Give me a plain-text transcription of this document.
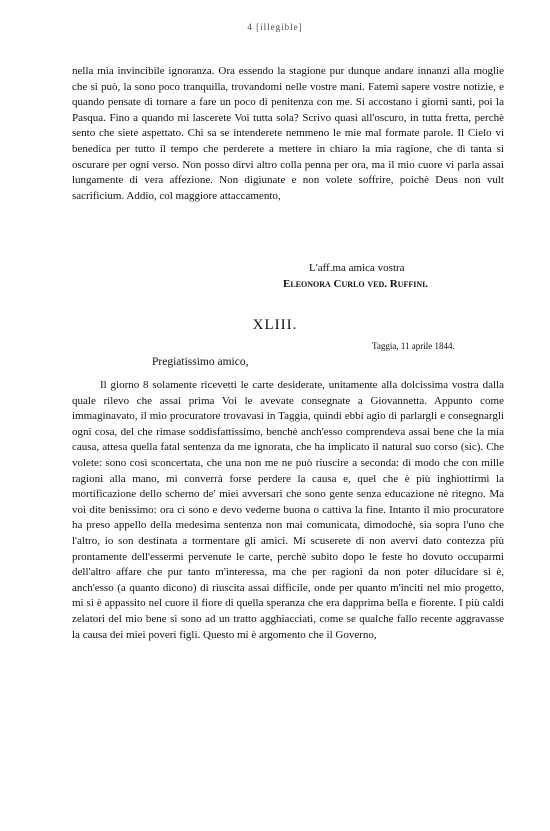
4 [illegible]

nella mia invincibile ignoranza. Ora essendo la stagione pur dunque andare innanzi alla moglie che si può, la sono poco tranquilla, trovandomi nelle vostre mani. Fatemi sapere vostre notizie, e quando pensate di tornare a fare un poco di penitenza con me. Si accostano i giorni santi, poi la Pasqua. Fino a quando mi lascerete Voi tutta sola? Scrivo quasi all'oscuro, in tutta fretta, perchè sento che siete aspettato. Chi sa se intenderete nemmeno le mie mal formate parole. Il Cielo vi benedica per tutto il tempo che perderete a mettere in chiaro la mia ragione, che di tanta sì oscurare per ogni verso. Non posso dirvi altro colla penna per ora, ma il mio cuore vi parla assai lungamente di vera affezione. Non digiunate e non volete soffrire, poichè Deus non vult sacrificium. Addio, col maggiore attaccamento,

L'aff.ma amica vostra
Eleonora Curlo ved. Ruffini.
XLIII.
Taggia, 11 aprile 1844.
Pregiatissimo amico,

Il giorno 8 solamente ricevetti le carte desiderate, unitamente alla dolcissima vostra dalla quale rilevo che assai prima Voi le avevate consegnate a Giovannetta. Appunto come immaginavato, il mio procuratore trovavasi in Taggia, quindi ebbi agio di parlargli e consegnargli ogni cosa, del che rimase soddisfattissimo, benchè anch'esso comprendeva assai bene che la mia causa, attesa quella fatal sentenza da me ignorata, che ha implicato il natural suo corso (sic). Che volete: sono così sconcertata, che una non me ne può riuscire a seconda: di modo che con mille ragioni alla mano, mi converrà forse perdere la causa e, quel che è più inghiottirmi la mortificazione dello scherno de' miei avversari che sono gente senza educazione nè ritegno. Ma voi dite benissimo: ora ci sono e devo vederne buona o cattiva la fine. Intanto il mio procuratore ha preso appello della medesima sentenza non mai comunicata, dimodochè, sia sopra l'uno che l'altro, io son destinata a tormentare gli amici. Mi scuserete di non avervi dato contezza più prontamente dell'essermi pervenute le carte, perchè subito dopo le feste ho dovuto occuparmi dell'altro affare che pur tanto m'interessa, ma che per ragioni da non poter dilucidare si è, anch'esso (a quanto dicono) di riuscita assai difficile, onde per quanto m'inciti nel mio progetto, mi si è appassito nel cuore il fiore di quella speranza che era dapprima bella e fiorente. I più caldi zelatori del mio bene si sono ad un tratto agghiacciati, come se qualche fallo recente aggravasse la causa dei miei poveri figli. Questo mi è argomento che il Governo,
